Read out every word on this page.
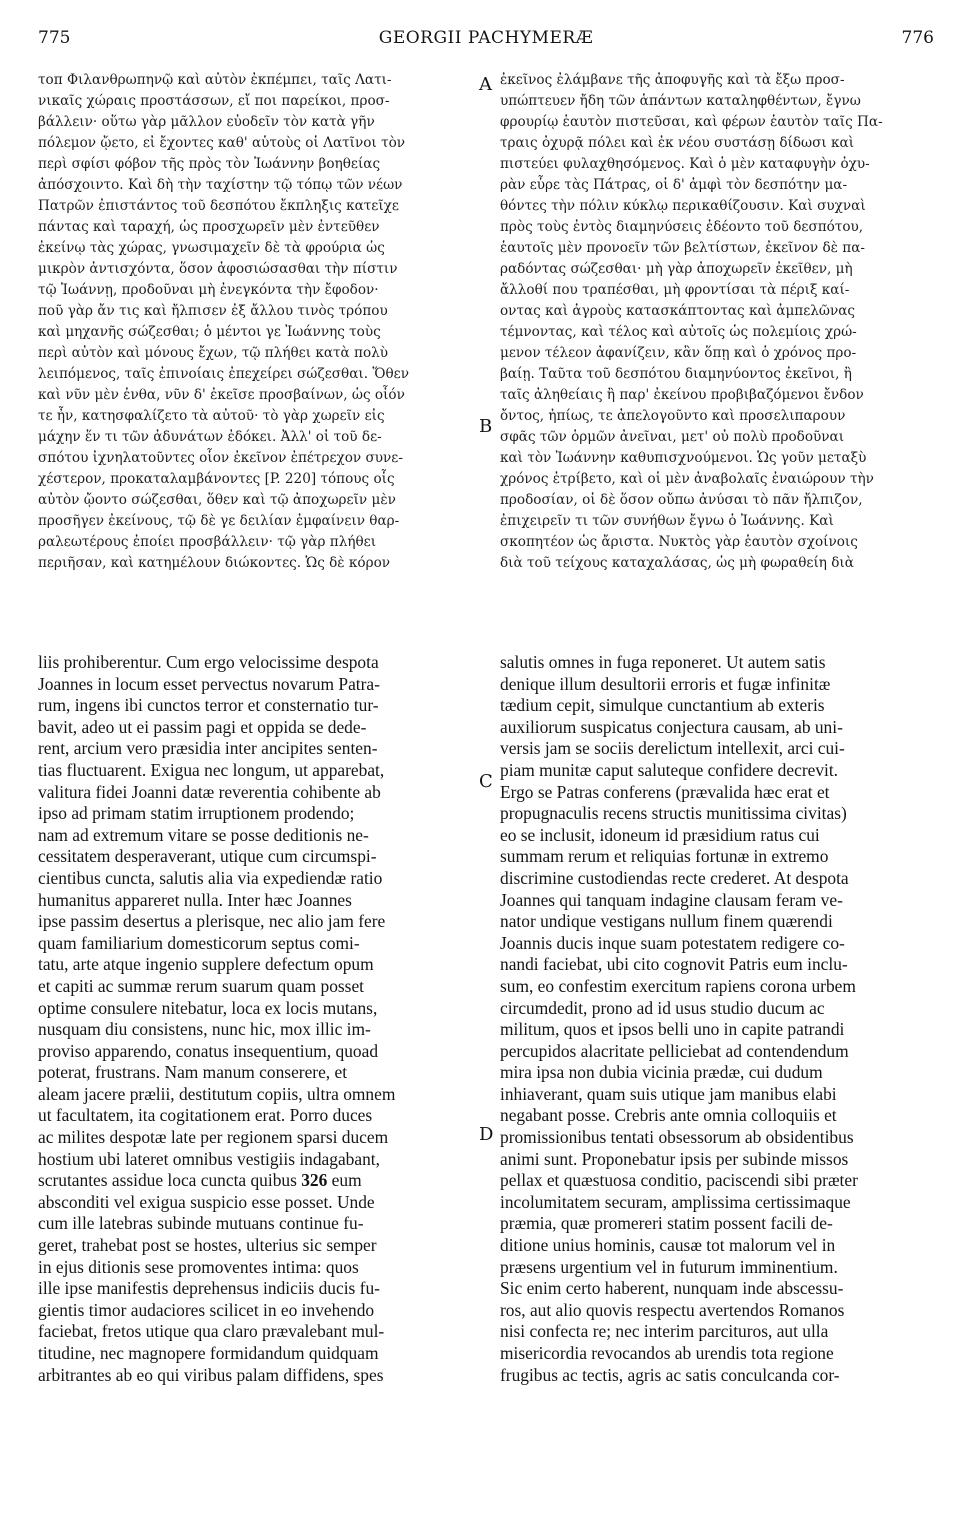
775	GEORGII PACHYMERÆ	776
τοπ Φιλανθρωπηνῷ καὶ αὐτὸν ἐκπέμπει, ταῖς Λατι-
νικαῖς χώραις προστάσσων, εἴ ποι παρείκοι, προσ-
βάλλειν· οὕτω γὰρ μᾶλλον εὐοδεῖν τὸν κατὰ γῆν
πόλεμον ᾤετο, εἰ ἔχοντες καθ' αὑτοὺς οἱ Λατῖνοι τὸν
περὶ σφίσι φόβον τῆς πρὸς τὸν Ἰωάννην βοηθείας
ἀπόσχοιντο. Καὶ δὴ τὴν ταχίστην τῷ τόπῳ τῶν νέων
Πατρῶν ἐπιστάντος τοῦ δεσπότου ἔκπληξις κατεῖχε
πάντας καὶ ταραχή, ὡς προσχωρεῖν μὲν ἐντεῦθεν
ἐκείνῳ τὰς χώρας, γνωσιμαχεῖν δὲ τὰ φρούρια ὡς
μικρὸν ἀντισχόντα, ὅσον ἀφοσιώσασθαι τὴν πίστιν
τῷ Ἰωάννῃ, προδοῦναι μὴ ἐνεγκόντα τὴν ἔφοδον·
ποῦ γὰρ ἄν τις καὶ ἤλπισεν ἐξ ἄλλου τινὸς τρόπου
καὶ μηχανῆς σώζεσθαι; ὁ μέντοι γε Ἰωάννης τοὺς
περὶ αὐτὸν καὶ μόνους ἔχων, τῷ πλήθει κατὰ πολὺ
λειπόμενος, ταῖς ἐπινοίαις ἐπεχείρει σώζεσθαι. Ὅθεν
καὶ νῦν μὲν ἐνθα, νῦν δ' ἐκεῖσε προσβαίνων, ὡς οἷόν
τε ἦν, κατησφαλίζετο τὰ αὐτοῦ· τὸ γὰρ χωρεῖν εἰς
μάχην ἕν τι τῶν ἀδυνάτων ἐδόκει. Ἀλλ' οἱ τοῦ δε-
σπότου ἰχνηλατοῦντες οἷον ἐκεῖνον ἐπέτρεχον συνε-
χέστερον, προκαταλαμβάνοντες [P. 220] τόπους οἷς
αὐτὸν ᾤοντο σώζεσθαι, ὅθεν καὶ τῷ ἀποχωρεῖν μὲν
προσῆγεν ἐκείνους, τῷ δὲ γε δειλίαν ἐμφαίνειν θαρ-
ραλεωτέρους ἐποίει προσβάλλειν· τῷ γὰρ πλήθει
περιῆσαν, καὶ κατημέλουν διώκοντες. Ὡς δὲ κόρον
ἐκεῖνος ἐλάμβανε τῆς ἀποφυγῆς καὶ τὰ ἔξω προσ-
υπώπτευεν ἤδη τῶν ἁπάντων καταληφθέντων, ἔγνω
φρουρίῳ ἑαυτὸν πιστεῦσαι, καὶ φέρων ἑαυτὸν ταῖς Πα-
τραις ὀχυρᾷ πόλει καὶ ἐκ νέου συστάσῃ δίδωσι καὶ
πιστεύει φυλαχθησόμενος. Καὶ ὁ μὲν καταφυγὴν ὀχυ-
ρὰν εὗρε τὰς Πάτρας, οἱ δ' ἀμφὶ τὸν δεσπότην μα-
θόντες τὴν πόλιν κύκλῳ περικαθίζουσιν. Καὶ συχναὶ
πρὸς τοὺς ἐντὸς διαμηνύσεις ἐδέοντο τοῦ δεσπότου,
ἑαυτοῖς μὲν προνοεῖν τῶν βελτίστων, ἐκεῖνον δὲ πα-
ραδόντας σώζεσθαι· μὴ γὰρ ἀποχωρεῖν ἐκεῖθεν, μὴ
ἄλλοθί που τραπέσθαι, μὴ φροντίσαι τὰ πέριξ καί-
οντας καὶ ἀγροὺς κατασκάπτοντας καὶ ἀμπελῶνας
τέμνοντας, καὶ τέλος καὶ αὐτοῖς ὡς πολεμίοις χρώ-
μενον τέλεον ἀφανίζειν, κἂν ὅπῃ καὶ ὁ χρόνος προ-
βαίῃ. Ταῦτα τοῦ δεσπότου διαμηνύοντος ἐκεῖνοι, ἢ
ταῖς ἀληθείαις ἢ παρ' ἐκείνου προβιβαζόμενοι ἔνδον
ὄντος, ἠπίως, τε ἀπελογοῦντο καὶ προσελιπαρουν
σφᾶς τῶν ὁρμῶν ἀνεῖναι, μετ' οὐ πολὺ προδοῦναι
καὶ τὸν Ἰωάννην καθυπισχνούμενοι. Ὡς γοῦν μεταξὺ
χρόνος ἐτρίβετο, καὶ οἱ μὲν ἀναβολαῖς ἐναιώρουν τὴν
προδοσίαν, οἱ δὲ ὅσον οὔπω ἀνύσαι τὸ πᾶν ἤλπιζον,
ἐπιχειρεῖν τι τῶν συνήθων ἔγνω ὁ Ἰωάννης. Καὶ
σκοπητέον ὡς ἄριστα. Νυκτὸς γὰρ ἑαυτὸν σχοίνοις
διὰ τοῦ τείχους καταχαλάσας, ὡς μὴ φωραθείη διὰ
liis prohiberentur. Cum ergo velocissime despota
Joannes in locum esset pervectus novarum Patra-
rum, ingens ibi cunctos terror et consternatio tur-
bavit, adeo ut ei passim pagi et oppida se dede-
rent, arcium vero præsidia inter ancipites senten-
tias fluctuarent. Exigua nec longum, ut apparebat,
valitura fidei Joanni datæ reverentia cohibente ab
ipso ad primam statim irruptionem prodendo;
nam ad extremum vitare se posse deditionis ne-
cessitatem desperaverant, utique cum circumspi-
cientibus cuncta, salutis alia via expediendæ ratio
humanitus appareret nulla. Inter hæc Joannes
ipse passim desertus a plerisque, nec alio jam fere
quam familiarium domesticorum septus comi-
tatu, arte atque ingenio supplere defectum opum
et capiti ac summæ rerum suarum quam posset
optime consulere nitebatur, loca ex locis mutans,
nusquam diu consistens, nunc hic, mox illic im-
proviso apparendo, conatus insequentium, quoad
poterat, frustrans. Nam manum conserere, et
aleam jacere prælii, destitutum copiis, ultra omnem
ut facultatem, ita cogitationem erat. Porro duces
ac milites despotæ late per regionem sparsi ducem
hostium ubi lateret omnibus vestigiis indagabant,
scrutantes assidue loca cuncta quibus 326 eum
absconditi vel exigua suspicio esse posset. Unde
cum ille latebras subinde mutuans continue fu-
geret, trahebat post se hostes, ulterius sic semper
in ejus ditionis sese promoventes intima: quos
ille ipse manifestis deprehensus indiciis ducis fu-
gientis timor audaciores scilicet in eo invehendo
faciebat, fretos utique qua claro prævalebant mul-
titudine, nec magnopere formidandum quidquam
arbitrantes ab eo qui viribus palam diffidens, spes
salutis omnes in fuga reponeret. Ut autem satis
denique illum desultorii erroris et fugæ infinitæ
tædium cepit, simulque cunctantium ab exteris
auxiliorum suspicatus conjectura causam, ab uni-
versis jam se sociis derelictum intellexit, arci cui-
piam munitæ caput saluteque confidere decrevit.
Ergo se Patras conferens (prævalida hæc erat et
propugnaculis recens structis munitissima civitas)
eo se inclusit, idoneum id præsidium ratus cui
summam rerum et reliquias fortunæ in extremo
discrimine custodiendas recte crederet. At despota
Joannes qui tanquam indagine clausam feram ve-
nator undique vestigans nullum finem quærendi
Joannis ducis inque suam potestatem redigere co-
nandi faciebat, ubi cito cognovit Patris eum inclu-
sum, eo confestim exercitum rapiens corona urbem
circumdedit, prono ad id usus studio ducum ac
militum, quos et ipsos belli uno in capite patrandi
percupidos alacritate pelliciebat ad contendendum
mira ipsa non dubia vicinia prædæ, cui dudum
inhiaverant, quam suis utique jam manibus elabi
negabant posse. Crebris ante omnia colloquiis et
promissionibus tentati obsessorum ab obsidentibus
animi sunt. Proponebatur ipsis per subinde missos
pellax et quæstuosa conditio, paciscendi sibi præter
incolumitatem securam, amplissima certissimaque
præmia, quæ promereri statim possent facili de-
ditione unius hominis, causæ tot malorum vel in
præsens urgentium vel in futurum imminentium.
Sic enim certo haberent, nunquam inde abscessu-
ros, aut alio quovis respectu avertendos Romanos
nisi confecta re; nec interim parcituros, aut ulla
misericordia revocandos ab urendis tota regione
frugibus ac tectis, agris ac satis conculcanda cor-
A
B
C
D
